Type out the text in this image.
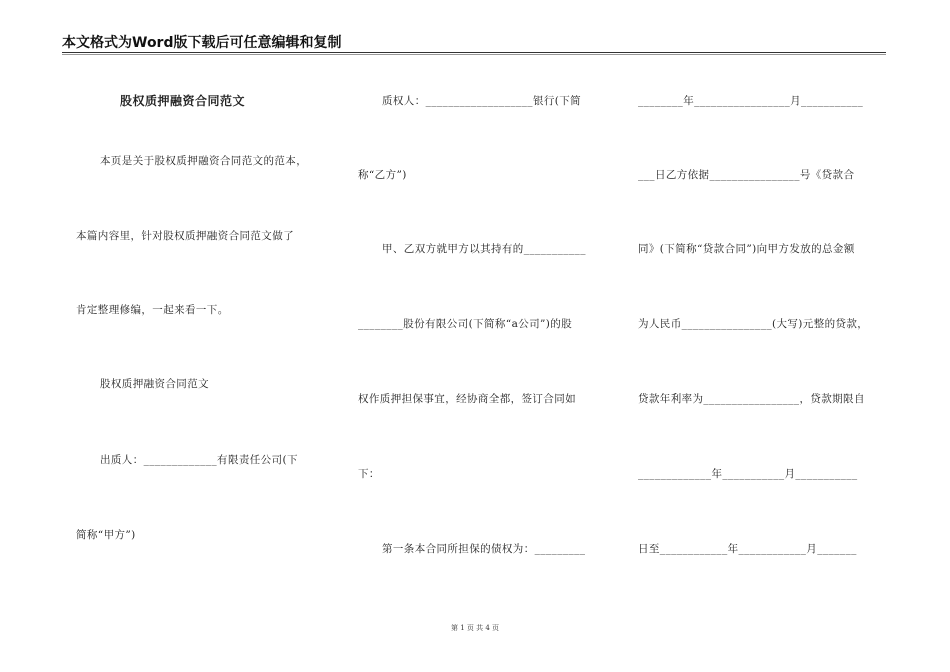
本文格式为Word版下载后可任意编辑和复制
股权质押融资合同范文
本页是关于股权质押融资合同范文的范本，
本篇内容里，针对股权质押融资合同范文做了
肯定整理修编，一起来看一下。
股权质押融资合同范文
出质人：_____________有限责任公司(下
简称“甲方”)
质权人：___________________银行(下简
称“乙方”)
甲、乙双方就甲方以其持有的___________
________股份有限公司(下简称“a公司”)的股
权作质押担保事宜，经协商全都，签订合同如
下：
第一条本合同所担保的债权为：_________
________年_________________月___________
___日乙方依据________________号《贷款合
同》(下简称“贷款合同”)向甲方发放的总金额
为人民币________________(大写)元整的贷款，
贷款年利率为_________________，贷款期限自
_____________年___________月___________
日至____________年____________月_______
第 1 页 共 4 页
